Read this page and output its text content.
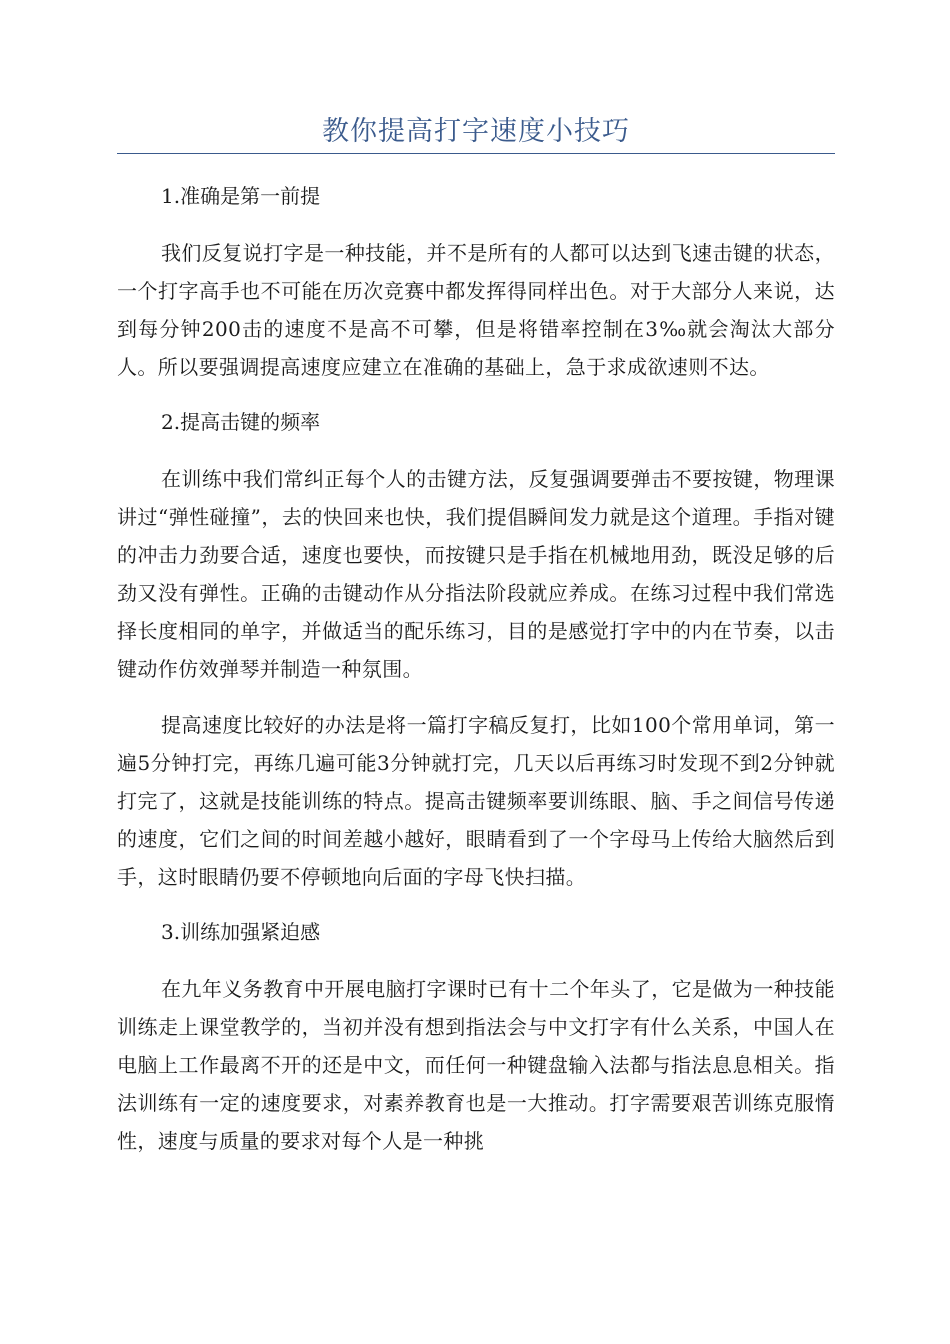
教你提高打字速度小技巧

1.准确是第一前提

我们反复说打字是一种技能，并不是所有的人都可以达到飞速击键的状态，一个打字高手也不可能在历次竞赛中都发挥得同样出色。对于大部分人来说，达到每分钟200击的速度不是高不可攀，但是将错率控制在3‰就会淘汰大部分人。所以要强调提高速度应建立在准确的基础上，急于求成欲速则不达。

2.提高击键的频率

在训练中我们常纠正每个人的击键方法，反复强调要弹击不要按键，物理课讲过“弹性碰撞”，去的快回来也快，我们提倡瞬间发力就是这个道理。手指对键的冲击力劲要合适，速度也要快，而按键只是手指在机械地用劲，既没足够的后劲又没有弹性。正确的击键动作从分指法阶段就应养成。在练习过程中我们常选择长度相同的单字，并做适当的配乐练习，目的是感觉打字中的内在节奏，以击键动作仿效弹琴并制造一种氛围。

提高速度比较好的办法是将一篇打字稿反复打，比如100个常用单词，第一遍5分钟打完，再练几遍可能3分钟就打完，几天以后再练习时发现不到2分钟就打完了，这就是技能训练的特点。提高击键频率要训练眼、脑、手之间信号传递的速度，它们之间的时间差越小越好，眼睛看到了一个字母马上传给大脑然后到手，这时眼睛仍要不停顿地向后面的字母飞快扫描。

3.训练加强紧迫感

在九年义务教育中开展电脑打字课时已有十二个年头了，它是做为一种技能训练走上课堂教学的，当初并没有想到指法会与中文打字有什么关系，中国人在电脑上工作最离不开的还是中文，而任何一种键盘输入法都与指法息息相关。指法训练有一定的速度要求，对素养教育也是一大推动。打字需要艰苦训练克服惰性，速度与质量的要求对每个人是一种挑
